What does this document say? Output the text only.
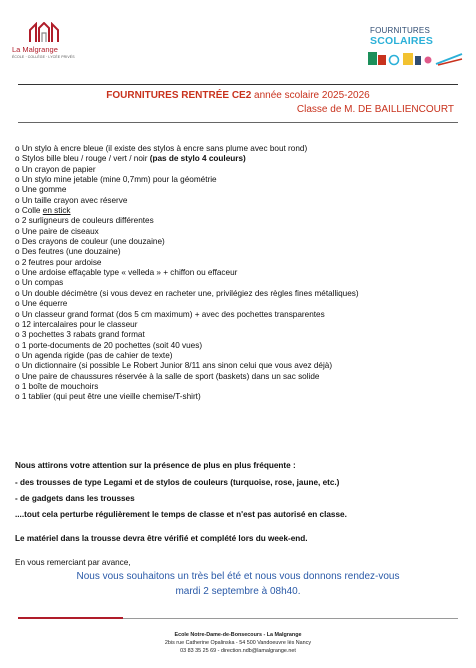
La Malgrange
ÉCOLE · COLLÈGE · LYCÉE PRIVÉS
FOURNITURES
SCOLAIRES
FOURNITURES RENTRÉE CE2 année scolaire 2025-2026
Classe de M. DE BAILLIENCOURT
o Un stylo à encre bleue (il existe des stylos à encre sans plume avec bout rond)
o Stylos bille bleu / rouge / vert / noir (pas de stylo 4 couleurs)
o Un crayon de papier
o Un stylo mine jetable (mine 0,7mm) pour la géométrie
o Une gomme
o Un taille crayon avec réserve
o Colle en stick
o 2 surligneurs de couleurs différentes
o Une paire de ciseaux
o Des crayons de couleur (une douzaine)
o Des feutres (une douzaine)
o 2 feutres pour ardoise
o Une ardoise effaçable type « velleda » + chiffon ou effaceur
o Un compas
o Un double décimètre (si vous devez en racheter une, privilégiez des règles fines métalliques)
o Une équerre
o Un classeur grand format (dos 5 cm maximum) + avec des pochettes transparentes
o 12 intercalaires pour le classeur
o 3 pochettes 3 rabats grand format
o 1 porte-documents de 20 pochettes (soit 40 vues)
o Un agenda rigide (pas de cahier de texte)
o Un dictionnaire (si possible Le Robert Junior 8/11 ans sinon celui que vous avez déjà)
o Une paire de chaussures réservée à la salle de sport (baskets) dans un sac solide
o 1 boîte de mouchoirs
o 1 tablier (qui peut être une vieille chemise/T-shirt)
Nous attirons votre attention sur la présence de plus en plus fréquente :
- des trousses de type Legami et de stylos de couleurs (turquoise, rose, jaune, etc.)
- de gadgets dans les trousses
....tout cela perturbe régulièrement le temps de classe et n'est pas autorisé en classe.
Le matériel dans la trousse devra être vérifié et complété lors du week-end.
En vous remerciant par avance,
Nous vous souhaitons un très bel été et nous vous donnons rendez-vous
mardi 2 septembre à 08h40.
Ecole Notre-Dame-de-Bonsecours - La Malgrange
2bis rue Catherine Opalinska - 54 500 Vandoeuvre lès Nancy
03 83 35 25 69 - direction.ndb@lamalgrange.net
